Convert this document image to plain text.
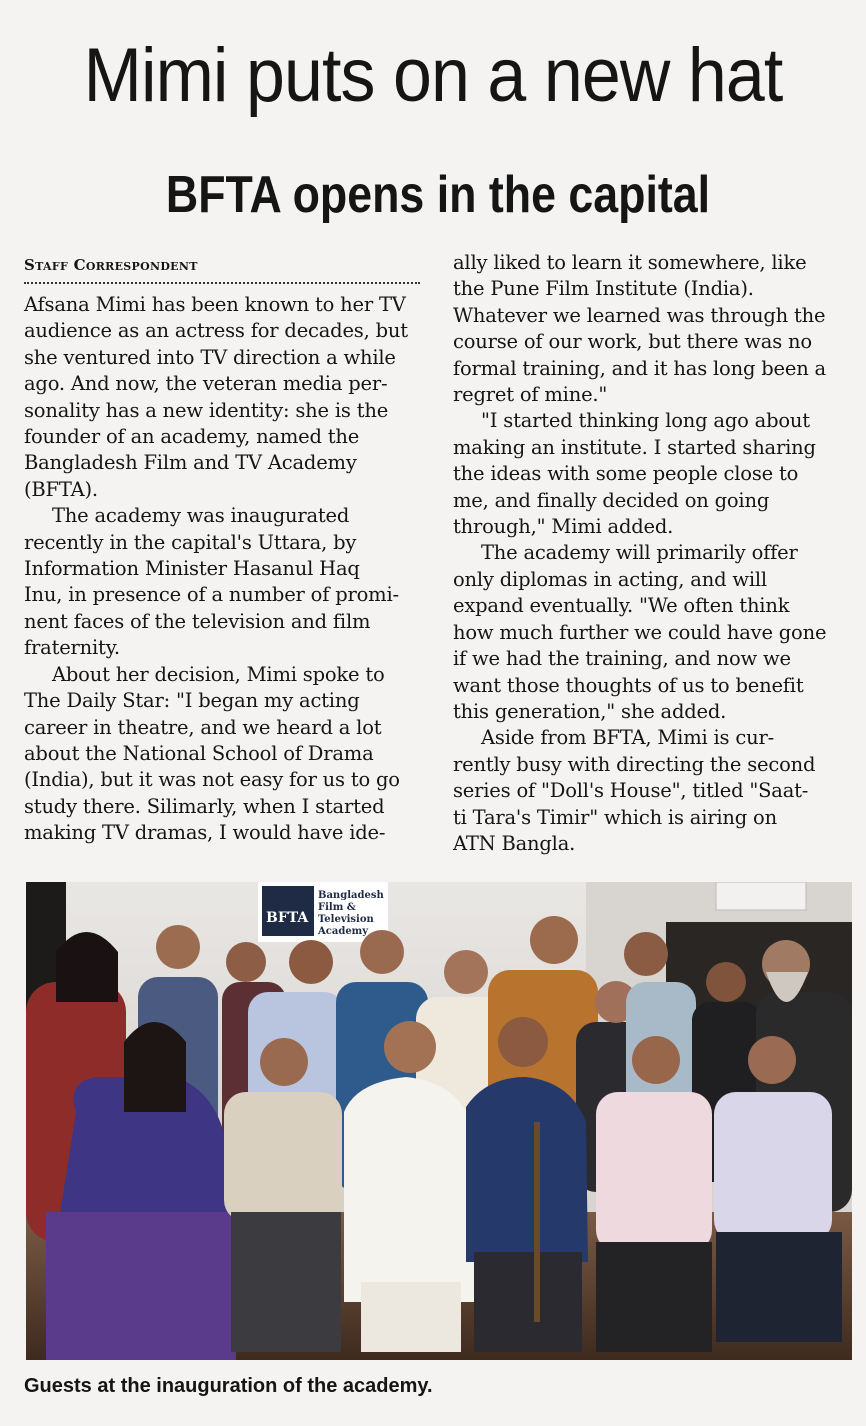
Mimi puts on a new hat
BFTA opens in the capital
Staff Correspondent
Afsana Mimi has been known to her TV
audience as an actress for decades, but
she ventured into TV direction a while
ago. And now, the veteran media per-
sonality has a new identity: she is the
founder of an academy, named the
Bangladesh Film and TV Academy
(BFTA).
The academy was inaugurated
recently in the capital's Uttara, by
Information Minister Hasanul Haq
Inu, in presence of a number of promi-
nent faces of the television and film
fraternity.
About her decision, Mimi spoke to
The Daily Star: "I began my acting
career in theatre, and we heard a lot
about the National School of Drama
(India), but it was not easy for us to go
study there. Silimarly, when I started
making TV dramas, I would have ide-
ally liked to learn it somewhere, like
the Pune Film Institute (India).
Whatever we learned was through the
course of our work, but there was no
formal training, and it has long been a
regret of mine."
"I started thinking long ago about
making an institute. I started sharing
the ideas with some people close to
me, and finally decided on going
through," Mimi added.
The academy will primarily offer
only diplomas in acting, and will
expand eventually. "We often think
how much further we could have gone
if we had the training, and now we
want those thoughts of us to benefit
this generation," she added.
Aside from BFTA, Mimi is cur-
rently busy with directing the second
series of "Doll's House", titled "Saat-
ti Tara's Timir" which is airing on
ATN Bangla.
BFTA
Bangladesh
Film &
Television
Academy
Guests at the inauguration of the academy.
